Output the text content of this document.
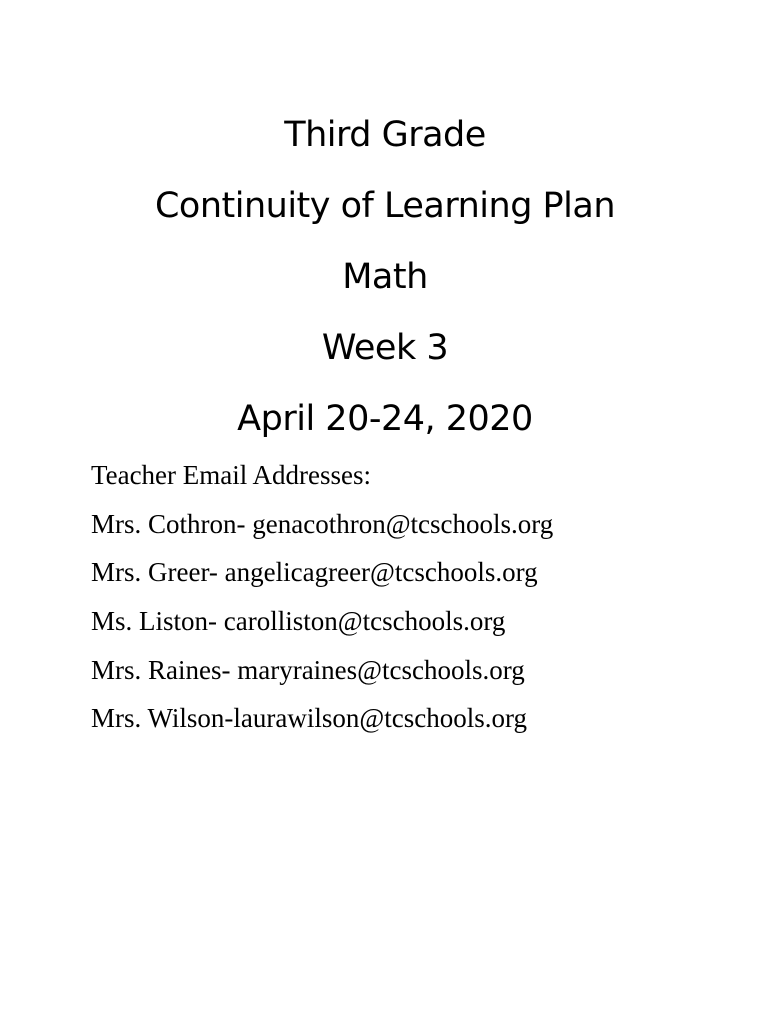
Third Grade
Continuity of Learning Plan
Math
Week 3
April 20-24, 2020
Teacher Email Addresses:
Mrs. Cothron- genacothron@tcschools.org
Mrs. Greer- angelicagreer@tcschools.org
Ms. Liston- carolliston@tcschools.org
Mrs. Raines- maryraines@tcschools.org
Mrs. Wilson-laurawilson@tcschools.org
